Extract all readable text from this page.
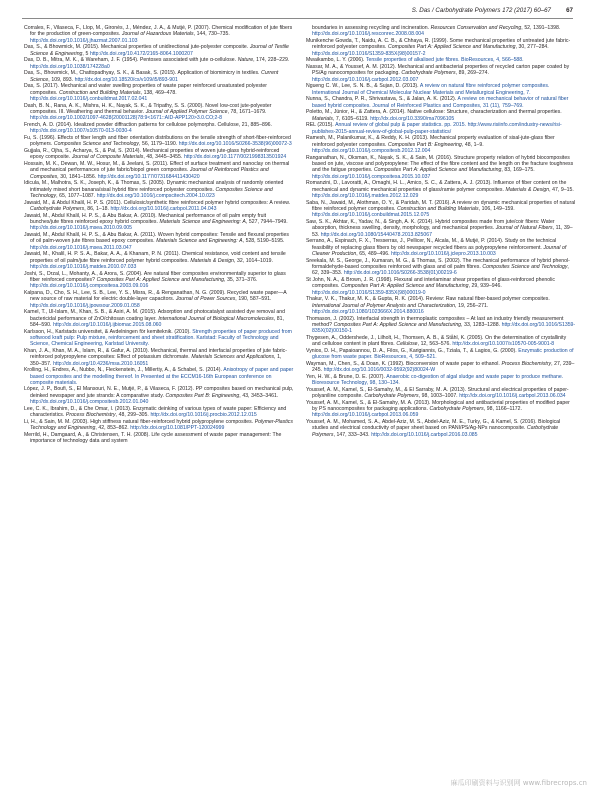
S. Das / Carbohydrate Polymers 172 (2017) 60–67 67

Corrales, F., Vilaseca, F., Llop, M., Gironès, J., Méndez, J. A., & Mutjé, P. (2007). Chemical modification of jute fibers for the production of green-composites. Journal of Hazardous Materials, 144, 730–735. http://dx.doi.org/10.1016/j.jhazmat.2007.01.103

Das, S., & Bhowmick, M. (2015). Mechanical properties of unidirectional jute-polyester composite. Journal of Textile Science & Engineering, 5 http://dx.doi.org/10.4172/2165-8064.1000207

Das, D. B., Mitra, M. K., & Wareham, J. F. (1954). Pentoses associated with jute α-cellulose. Nature, 174, 228–229. http://dx.doi.org/10.1038/174228a0

Das, S., Bhowmick, M., Chattopadhyay, S. K., & Basak, S. (2015). Application of biomimicry in textiles. Current Science, 109, 893. http://dx.doi.org/10.18520/cs/v109/i5/893-901

Das, S. (2017). Mechanical and water swelling properties of waste paper reinforced unsaturated polyester composites. Construction and Building Materials, 138, 469–478. http://dx.doi.org/10.1016/j.conbuildmat.2017.02.041

Dash, B. N., Rana, A. K., Mishra, H. K., Nayak, S. K., & Tripathy, S. S. (2000). Novel low-cost jute-polyester composites. III. Weathering and thermal behavior. Journal of Applied Polymer Science, 78, 1671–1679. http://dx.doi.org/10.1002/1097-4628(20001128)78:9<1671::AID-APP120>3.0.CO;2-8

French, A. D. (2014). Idealized powder diffraction patterns for cellulose polymorphs. Cellulose, 21, 885–896. http://dx.doi.org/10.1007/s10570-013-0030-4

Fu, S. (1996). Effects of fiber length and fiber orientation distributions on the tensile strength of short-fiber-reinforced polymers. Composites Science and Technology, 56, 1179–1190. http://dx.doi.org/10.1016/S0266-3538(96)00072-3

Gujjala, R., Ojha, S., Acharya, S., & Pal, S. (2014). Mechanical properties of woven jute-glass hybrid-reinforced epoxy composite. Journal of Composite Materials, 48, 3445–3455. http://dx.doi.org/10.1177/0021998313501924

Hossain, M. K., Dewan, M. W., Hosur, M., & Jeelani, S. (2011). Effect of surface treatment and nanoclay on thermal and mechanical performances of jute fabric/biopol green composites. Journal of Reinforced Plastics and Composites, 30, 1841–1856. http://dx.doi.org/10.1177/0731684411430420

Idicula, M., Malhotra, S. K., Joseph, K., & Thomas, S. (2005). Dynamic mechanical analysis of randomly oriented intimately mixed short banana/sisal hybrid fibre reinforced polyester composites. Composites Science and Technology, 65, 1077–1087. http://dx.doi.org/10.1016/j.compscitech.2004.10.023

Jawaid, M., & Abdul Khalil, H. P. S. (2011). Cellulosic/synthetic fibre reinforced polymer hybrid composites: A review. Carbohydrate Polymers, 86, 1–18. http://dx.doi.org/10.1016/j.carbpol.2011.04.043

Jawaid, M., Abdul Khalil, H. P. S., & Abu Bakar, A. (2010). Mechanical performance of oil palm empty fruit bunches/jute fibres reinforced epoxy hybrid composites. Materials Science and Engineering: A, 527, 7944–7949. http://dx.doi.org/10.1016/j.msea.2010.09.005

Jawaid, M., Abdul Khalil, H. P. S., & Abu Bakar, A. (2011). Woven hybrid composites: Tensile and flexural properties of oil palm-woven jute fibres based epoxy composites. Materials Science and Engineering: A, 528, 5190–5195. http://dx.doi.org/10.1016/j.msea.2011.03.047

Jawaid, M., Khalil, H. P. S. A., Bakar, A. A., & Khanam, P. N. (2011). Chemical resistance, void content and tensile properties of oil palm/jute fibre reinforced polymer hybrid composites. Materials & Design, 32, 1014–1019. http://dx.doi.org/10.1016/j.matdes.2010.07.033

Joshi, S., Drzal, L., Mohanty, A., & Arora, S. (2004). Are natural fiber composites environmentally superior to glass fiber reinforced composites? Composites Part A: Applied Science and Manufacturing, 35, 371–376. http://dx.doi.org/10.1016/j.compositesa.2003.09.016

Kalpana, D., Cho, S. H., Lee, S. B., Lee, Y. S., Misra, R., & Renganathan, N. G. (2009). Recycled waste paper—A new source of raw material for electric double-layer capacitors. Journal of Power Sources, 190, 587–591. http://dx.doi.org/10.1016/j.jpowsour.2009.01.058

Kamel, T., Ul-Islam, M., Khan, S. B., & Asiri, A. M. (2015). Adsorption and photocatalyst assisted dye removal and bactericidal performance of ZnO/chitosan coating layer. International Journal of Biological Macromolecules, 81, 584–590. http://dx.doi.org/10.1016/j.ijbiomac.2015.08.060

Karlsson, H., Karlstads universitet, & Avdelningen för kemiteknik. (2010). Strength properties of paper produced from softwood kraft pulp: Pulp mixture, reinforcement and sheet stratification. Karlstad: Faculty of Technology and Science, Chemical Engineering, Karlstad University.

Khan, J. A., Khan, M. A., Islam, R., & Gafur, A. (2010). Mechanical, thermal and interfacial properties of jute fabric-reinforced polypropylene composites: Effect of potassium dichromate. Materials Sciences and Applications, 1, 350–357. http://dx.doi.org/10.4236/msa.2010.16051

Krolling, H., Endres, A., Nubbo, N., Fleckenstein, J., Millertiy, A., & Schabel, S. (2014). Anisotropy of paper and paper based composites and the modelling thereof. In Presented at the ECCM16-16th European conference on composite materials.

López, J. P., Boufi, S., El Mansouri, N. E., Mutjé, P., & Vilaseca, F. (2012). PP composites based on mechanical pulp, deinked newspaper and jute strands: A comparative study. Composites Part B: Engineering, 43, 3453–3461. http://dx.doi.org/10.1016/j.compositesb.2012.01.040

Lee, C. K., Ibrahim, D., & Che Omar, I. (2013). Enzymatic deinking of various types of waste paper: Efficiency and characteristics. Process Biochemistry, 48, 299–305. http://dx.doi.org/10.1016/j.procbio.2012.12.015

Li, H., & Sain, M. M. (2003). High stiffness natural fiber-reinforced hybrid polypropylene composites. Polymer-Plastics Technology and Engineering, 42, 853–862. http://dx.doi.org/10.1081/PPT-120024999

Merrild, H., Damgaard, A., & Christensen, T. H. (2008). Life cycle assessment of waste paper management: The importance of technology data and system

boundaries in assessing recycling and incineration. Resources Conservation and Recycling, 52, 1391–1398. http://dx.doi.org/10.1016/j.resconrec.2008.08.004

Munikenche Gowda, T., Naidu, A. C. B., & Chhaya, R. (1999). Some mechanical properties of untreated jute fabric-reinforced polyester composites. Composites Part A: Applied Science and Manufacturing, 30, 277–284. http://dx.doi.org/10.1016/S1359-835X(98)00157-2

Mwaikambo, L. Y. (2006). Tensile properties of alkalised jute fibres. BioResources, 4, 566–588.

Nassar, M. A., & Youssef, A. M. (2012). Mechanical and antibacterial properties of recycled carton paper coated by PS/Ag nanocomposites for packaging. Carbohydrate Polymers, 89, 269–274. http://dx.doi.org/10.1016/j.carbpol.2012.03.007

Ngueng C. W., Lee, S. N. B., & Sujan, D. (2013). A review on natural fibre reinforced polymer composites. International Journal of Chemical Molecular Nuclear Materials and Metallurgical Engineering, 7.

Nunna, S., Chandra, P. R., Shrivastava, S., & Jalan, A. K. (2012). A review on mechanical behavior of natural fiber based hybrid composites. Journal of Reinforced Plastics and Composites, 31 (11), 759–769.

Poletto, M., Júnior, H., & Zattera, A. (2014). Native cellulose: Structure, characterization and thermal properties. Materials, 7, 6105–6119. http://dx.doi.org/10.3390/ma7096105

REL (2015). Annual review of global pulp & paper statistics. pp. 2015. http://www.risiinfo.com/industry-news/risi-publishes-2015-annual-review-of-global-pulp-paper-statistics/

Ramesh, M., Palanikumar, K., & Reddy, K. H. (2013). Mechanical property evaluation of sisal-jute-glass fiber reinforced polyester composites. Composites Part B: Engineering, 48, 1–9. http://dx.doi.org/10.1016/j.compositesb.2012.12.004

Ranganathan, N., Oksman, K., Nayak, S. K., & Sain, M. (2016). Structure property relation of hybrid biocomposites based on jute, viscose and polypropylene: The effect of the fibre content and the length on the fracture toughness and the fatigue properties. Composites Part A: Applied Science and Manufacturing, 83, 169–175. http://dx.doi.org/10.1016/j.compositesa.2015.10.037

Romanzini, D., Lavoratti, A., Ornaghi, H. L., Amico, S. C., & Zattera, A. J. (2013). Influence of fiber content on the mechanical and dynamic mechanical properties of glass/ramie polymer composites. Materials & Design, 47, 9–15. http://dx.doi.org/10.1016/j.matdes.2012.12.029

Saba, N., Jawaid, M., Alothman, O. Y., & Paridah, M. T. (2016). A review on dynamic mechanical properties of natural fibre reinforced polymer composites. Construction and Building Materials, 106, 149–159. http://dx.doi.org/10.1016/j.conbuildmat.2015.12.075

Saw, S. K., Akhtar, K., Yadav, N., & Singh, A. K. (2014). Hybrid composites made from jute/coir fibers: Water absorption, thickness swelling, density, morphology, and mechanical properties. Journal of Natural Fibers, 11, 39–53. http://dx.doi.org/10.1080/15440478.2013.825067

Serrano, A., Espinach, F. X., Tresserras, J., Pellicer, N., Alcala, M., & Mutjé, P. (2014). Study on the technical feasibility of replacing glass fibers by old newspaper recycled fibers as polypropylene reinforcement. Journal of Cleaner Production, 65, 489–496. http://dx.doi.org/10.1016/j.jclepro.2013.10.003

Sreekala, M. S., George, J., Kumaran, M. G., & Thomas, S. (2002). The mechanical performance of hybrid phenol-formaldehyde-based composites reinforced with glass and oil palm fibres. Composites Science and Technology, 62, 339–353. http://dx.doi.org/10.1016/S0266-3538(01)00219-6

St John, N. A., & Brown, J. R. (1998). Flexural and interlaminar shear properties of glass-reinforced phenolic composites. Composites Part A: Applied Science and Manufacturing, 29, 939–946. http://dx.doi.org/10.1016/S1359-835X(98)00019-0

Thakur, V. K., Thakur, M. K., & Gupta, R. K. (2014). Review: Raw natural fiber-based polymer composites. International Journal of Polymer Analysis and Characterization, 19, 256–271. http://dx.doi.org/10.1080/1023666X.2014.880016

Thomason, J. (2002). Interfacial strength in thermoplastic composites – At last an industry friendly measurement method? Composites Part A: Applied Science and Manufacturing, 33, 1283–1288. http://dx.doi.org/10.1016/S1359-835X(02)00150-1

Thygesen, A., Oddershede, J., Lilholt, H., Thomsen, A. B., & Ståhl, K. (2005). On the determination of crystallinity and cellulose content in plant fibres. Cellulose, 12, 563–576. http://dx.doi.org/10.1007/s10570-005-9001-8

Vynios, D. H., Papaioannou, D. A., Filos, G., Karigiannis, G., Tziala, T., & Lagios, G. (2000). Enzymatic production of glucose from waste paper. BioResources, 4, 509–521.

Wayman, M., Chen, S., & Doan, K. (1992). Bioconversion of waste paper to ethanol. Process Biochemistry, 27, 239–245. http://dx.doi.org/10.1016/0032-9592(92)80024-W

Yen, H. W., & Brune, D. E. (2007). Anaerobic co-digestion of algal sludge and waste paper to produce methane. Bioresource Technology, 98, 130–134.

Youssef, A. M., Kamel, S., El-Samahy, M., & El Sarraby, M. A. (2013). Structural and electrical properties of paper-polyaniline composite. Carbohydrate Polymers, 98, 1003–1007. http://dx.doi.org/10.1016/j.carbpol.2013.06.034

Youssef, A. M., Kamel, S., & El-Samahy, M. A. (2013). Morphological and antibacterial properties of modified paper by PS nanocomposites for packaging applications. Carbohydrate Polymers, 98, 1166–1172. http://dx.doi.org/10.1016/j.carbpol.2013.06.059

Youssef, A. M., Mohamed, S. A., Abdel-Aziz, M. S., Abdel-Aziz, M. E., Turky, G., & Kamel, S. (2016). Biological studies and electrical conductivity of paper sheet based on PANI/PS/Ag-NPs nanocomposite. Carbohydrate Polymers, 147, 333–343. http://dx.doi.org/10.1016/j.carbpol.2016.03.085

麻瓜印刷资料与识别网 www.fibrecrops.cn
